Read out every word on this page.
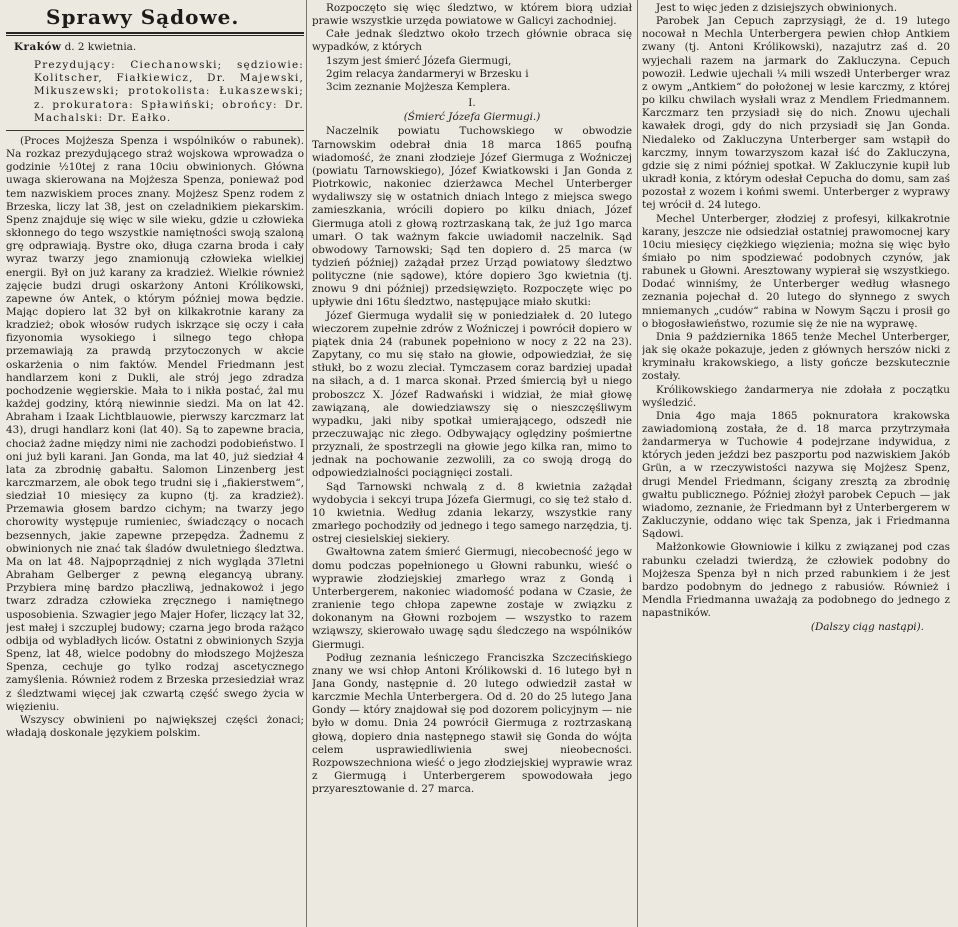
Sprawy Sądowe.

Kraków d. 2 kwietnia.

Prezydujący: Ciechanowski; sędziowie: Kolitscher, Fiałkiewicz, Dr. Majewski, Mikuszewski; protokolista: Łukaszewski; z. prokuratora: Spławiński; obrońcy: Dr. Machalski: Dr. Eałko.

(Proces Mojżesza Spenza i wspólników o rabunek). Na rozkaz prezydującego straż wojskowa wprowadza o godzinie ½10tej z rana 10ciu obwinionych. Główna uwaga skierowana na Mojżesza Spenza, ponieważ pod tem nazwiskiem proces znany. Mojżesz Spenz rodem z Brzeska, liczy lat 38, jest on czeladnikiem piekarskim. Spenz znajduje się więc w sile wieku, gdzie u człowieka skłonnego do tego wszystkie namiętności swoją szaloną grę odprawiają. Bystre oko, długa czarna broda i cały wyraz twarzy jego znamionują człowieka wielkiej energii. Był on już karany za kradzież. Wielkie również zajęcie budzi drugi oskarżony Antoni Królikowski, zapewne ów Antek, o którym później mowa będzie. Mając dopiero lat 32 był on kilkakrotnie karany za kradzież; obok włosów rudych iskrzące się oczy i cała fizyonomia wysokiego i silnego tego chłopa przemawiają za prawdą przytoczonych w akcie oskarżenia o nim faktów. Mendel Friedmann jest handlarzem koni z Dukli, ale strój jego zdradza pochodzenie węgierskie. Mała to i nikła postać, żal mu każdej godziny, którą niewinnie siedzi. Ma on lat 42. Abraham i Izaak Lichtblauowie, pierwszy karczmarz lat 43), drugi handlarz koni (lat 40). Są to zapewne bracia, chociaż żadne między nimi nie zachodzi podobieństwo. I oni już byli karani. Jan Gonda, ma lat 40, już siedział 4 lata za zbrodnię gabałtu. Salomon Linzenberg jest karczmarzem, ale obok tego trudni się i „fiakierstwem“, siedział 10 miesięcy za kupno (tj. za kradzież). Przemawia głosem bardzo cichym; na twarzy jego chorowity występuje rumieniec, świadczący o nocach bezsennych, jakie zapewne przepędza. Żadnemu z obwinionych nie znać tak śladów dwuletniego śledztwa. Ma on lat 48. Najpoprządniej z nich wygląda 37letni Abraham Gelberger z pewną elegancyą ubrany. Przybiera minę bardzo płaczliwą, jednakowoż i jego twarz zdradza człowieka zręcznego i namiętnego usposobienia. Szwagier jego Majer Hofer, liczący lat 32, jest małej i szczuplej budowy; czarna jego broda rażąco odbija od wybladłych liców. Ostatni z obwinionych Szyja Spenz, lat 48, wielce podobny do młodszego Mojżesza Spenza, cechuje go tylko rodzaj ascetycznego zamyślenia. Również rodem z Brzeska przesiedział wraz z śledztwami więcej jak czwartą część swego życia w więzieniu.

Wszyscy obwinieni po największej części żonaci; władają doskonale językiem polskim.

Rozpoczęto się więc śledztwo, w którem biorą udział prawie wszystkie urzęda powiatowe w Galicyi zachodniej.

Całe jednak śledztwo około trzech głównie obraca się wypadków, z których

1szym jest śmierć Józefa Giermugi,

2gim relacya żandarmeryi w Brzesku i

3cim zeznanie Mojżesza Kemplera.

I.

(Śmierć Józefa Giermugi.)

Naczelnik powiatu Tuchowskiego w obwodzie Tarnowskim odebrał dnia 18 marca 1865 poufną wiadomość, że znani złodzieje Józef Giermuga z Woźniczej (powiatu Tarnowskiego), Józef Kwiatkowski i Jan Gonda z Piotrkowic, nakoniec dzierżawca Mechel Unterberger wydaliwszy się w ostatnich dniach lntego z miejsca swego zamieszkania, wrócili dopiero po kilku dniach, Józef Giermuga atoli z głową roztrzaskaną tak, że już 1go marca umarł. O tak ważnym fakcie uwiadomił naczelnik. Sąd obwodowy Tarnowski; Sąd ten dopiero d. 25 marca (w tydzień później) zażądał przez Urząd powiatowy śledztwo polityczne (nie sądowe), które dopiero 3go kwietnia (tj. znowu 9 dni później) przedsięwzięto. Rozpoczęte więc po upływie dni 16tu śledztwo, następujące miało skutki:

Józef Giermuga wydalił się w poniedziałek d. 20 lutego wieczorem zupełnie zdrów z Woźniczej i powrócił dopiero w piątek dnia 24 (rabunek popełniono w nocy z 22 na 23). Zapytany, co mu się stało na głowie, odpowiedział, że się stłukł, bo z wozu zleciał. Tymczasem coraz bardziej upadał na siłach, a d. 1 marca skonał. Przed śmiercią był u niego proboszcz X. Józef Radwański i widział, że miał głowę zawiązaną, ale dowiedziawszy się o nieszczęśliwym wypadku, jaki niby spotkał umierającego, odszedł nie przeczuwając nic złego. Odbywający oględziny pośmiertne przyznali, że spostrzegli na głowie jego kilka ran, mimo to jednak na pochowanie zezwolili, za co swoją drogą do odpowiedzialności pociągnięci zostali.

Sąd Tarnowski nchwalą z d. 8 kwietnia zażądał wydobycia i sekcyi trupa Józefa Giermugi, co się też stało d. 10 kwietnia. Według zdania lekarzy, wszystkie rany zmarłego pochodziły od jednego i tego samego narzędzia, tj. ostrej ciesielskiej siekiery.

Gwałtowna zatem śmierć Giermugi, niecobecność jego w domu podczas popełnionego u Głowni rabunku, wieść o wyprawie złodziejskiej zmarłego wraz z Gondą i Unterbergerem, nakoniec wiadomość podana w Czasie, że zranienie tego chłopa zapewne zostaje w związku z dokonanym na Głowni rozbojem — wszystko to razem wziąwszy, skierowało uwagę sądu śledczego na wspólników Giermugi.

Podług zeznania leśniczego Franciszka Szczecińskiego znany we wsi chłop Antoni Królikowski d. 16 lutego był n Jana Gondy, następnie d. 20 lutego odwiedził zastał w karczmie Mechla Unterbergera. Od d. 20 do 25 lutego Jana Gondy — który znajdował się pod dozorem policyjnym — nie było w domu. Dnia 24 powrócił Giermuga z roztrzaskaną głową, dopiero dnia następnego stawił się Gonda do wójta celem usprawiedliwienia swej nieobecności. Rozpowszechniona wieść o jego złodziejskiej wyprawie wraz z Giermugą i Unterbergerem spowodowała jego przyaresztowanie d. 27 marca.

Jest to więc jeden z dzisiejszych obwinionych.

Parobek Jan Cepuch zaprzysiągł, że d. 19 lutego nocował n Mechla Unterbergera pewien chłop Antkiem zwany (tj. Antoni Królikowski), nazajutrz zaś d. 20 wyjechali razem na jarmark do Zakluczyna. Cepuch powoził. Ledwie ujechali ¼ mili wszedł Unterberger wraz z owym „Antkiem“ do położonej w lesie karczmy, z której po kilku chwilach wysłali wraz z Mendlem Friedmannem. Karczmarz ten przysiadł się do nich. Znowu ujechali kawałek drogi, gdy do nich przysiadł się Jan Gonda. Niedaleko od Zakluczyna Unterberger sam wstąpił do karczmy, innym towarzyszom kazał iść do Zakluczyna, gdzie się z nimi później spotkał. W Zakluczynie kupił lub ukradł konia, z którym odesłał Cepucha do domu, sam zaś pozostał z wozem i końmi swemi. Unterberger z wyprawy tej wrócił d. 24 lutego.

Mechel Unterberger, złodziej z profesyi, kilkakrotnie karany, jeszcze nie odsiedział ostatniej prawomocnej kary 10ciu miesięcy ciężkiego więzienia; można się więc było śmiało po nim spodziewać podobnych czynów, jak rabunek u Głowni. Aresztowany wypierał się wszystkiego. Dodać winniśmy, że Unterberger według własnego zeznania pojechał d. 20 lutego do słynnego z swych mniemanych „cudów“ rabina w Nowym Sączu i prosił go o błogosławieństwo, rozumie się że nie na wyprawę.

Dnia 9 października 1865 tenże Mechel Unterberger, jak się okaże pokazuje, jeden z głównych herszów nicki z kryminału krakowskiego, a listy gończe bezskutecznie zostały.

Królikowskiego żandarmerya nie zdołała z początku wyśledzić.

Dnia 4go maja 1865 poknuratora krakowska zawiadomioną została, że d. 18 marca przytrzymała żandarmerya w Tuchowie 4 podejrzane indywidua, z których jeden jeździ bez paszportu pod nazwiskiem Jakób Grün, a w rzeczywistości nazywa się Mojżesz Spenz, drugi Mendel Friedmann, ścigany zresztą za zbrodnię gwałtu publicznego. Później złożył parobek Cepuch — jak wiadomo, zeznanie, że Friedmann był z Unterbergerem w Zakluczynie, oddano więc tak Spenza, jak i Friedmanna Sądowi.

Małżonkowie Głowniowie i kilku z związanej pod czas rabunku czeladzi twierdzą, że człowiek podobny do Mojżesza Spenza był n nich przed rabunkiem i że jest bardzo podobnym do jednego z rabusiów. Również i Mendla Friedmanna uważają za podobnego do jednego z napastników.

(Dalszy ciąg nastąpi).
